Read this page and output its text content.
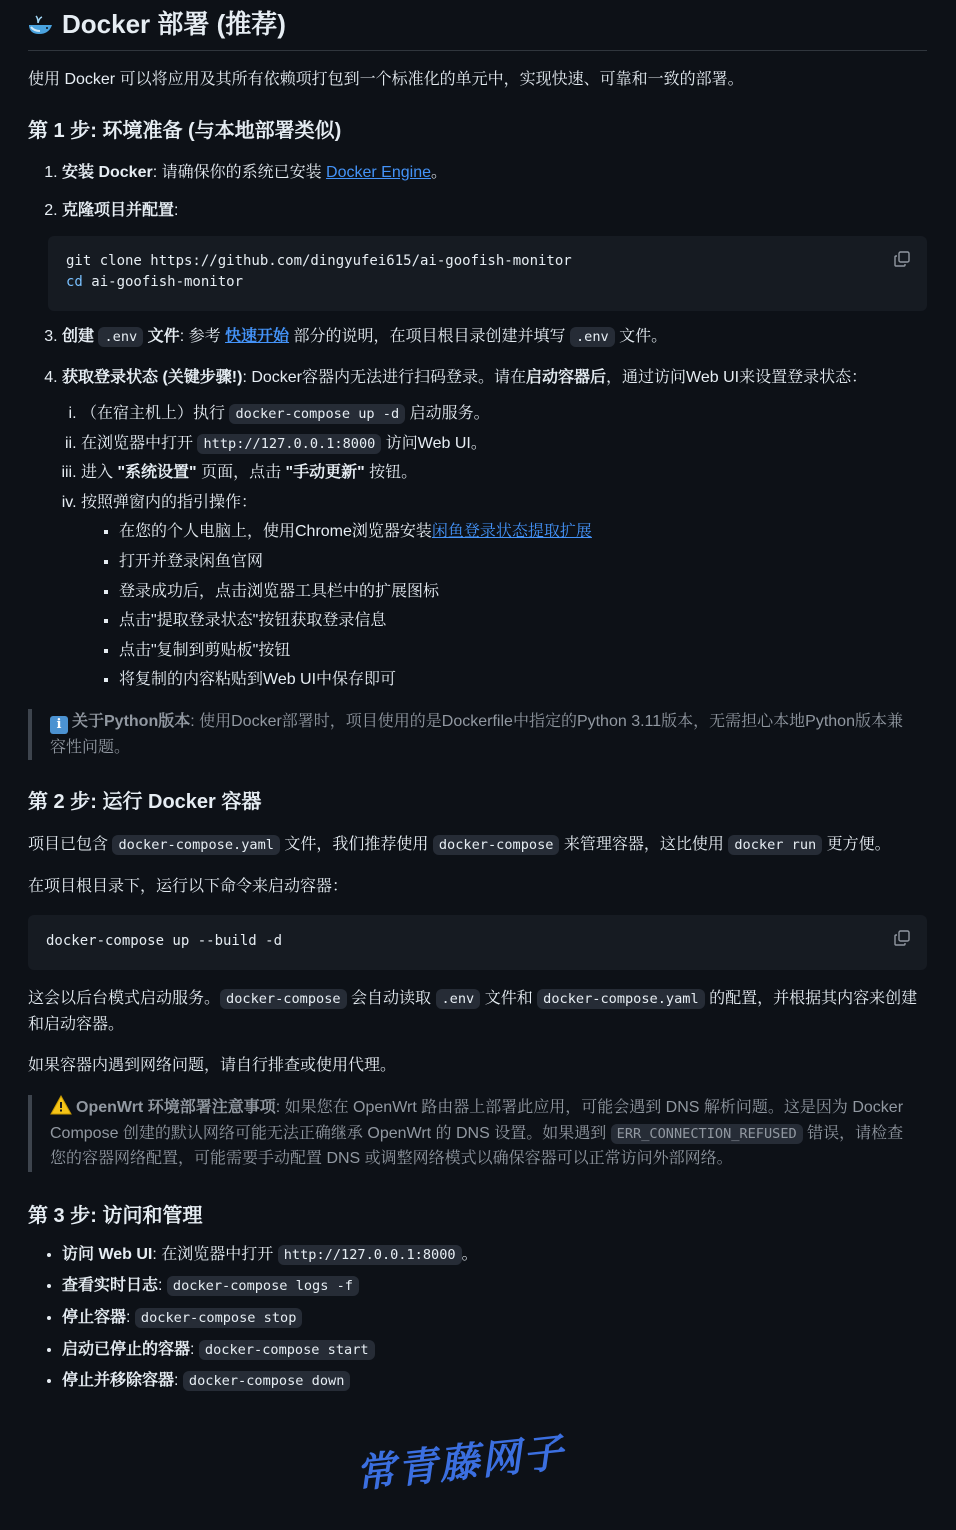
Docker 部署 (推荐)

使用 Docker 可以将应用及其所有依赖项打包到一个标准化的单元中，实现快速、可靠和一致的部署。

第 1 步: 环境准备 (与本地部署类似)
1. 安装 Docker: 请确保你的系统已安装 Docker Engine。
2. 克隆项目并配置:
git clone https://github.com/dingyufei615/ai-goofish-monitor
cd ai-goofish-monitor
3. 创建 .env 文件: 参考 快速开始 部分的说明，在项目根目录创建并填写 .env 文件。
4. 获取登录状态 (关键步骤!): Docker容器内无法进行扫码登录。请在启动容器后，通过访问Web UI来设置登录状态：
i. （在宿主机上）执行 docker-compose up -d 启动服务。
ii. 在浏览器中打开 http://127.0.0.1:8000 访问Web UI。
iii. 进入 "系统设置" 页面，点击 "手动更新" 按钮。
iv. 按照弹窗内的指引操作：
▪ 在您的个人电脑上，使用Chrome浏览器安装闲鱼登录状态提取扩展
▪ 打开并登录闲鱼官网
▪ 登录成功后，点击浏览器工具栏中的扩展图标
▪ 点击"提取登录状态"按钮获取登录信息
▪ 点击"复制到剪贴板"按钮
▪ 将复制的内容粘贴到Web UI中保存即可
i 关于Python版本: 使用Docker部署时，项目使用的是Dockerfile中指定的Python 3.11版本，无需担心本地Python版本兼容性问题。
第 2 步: 运行 Docker 容器

项目已包含 docker-compose.yaml 文件，我们推荐使用 docker-compose 来管理容器，这比使用 docker run 更方便。

在项目根目录下，运行以下命令来启动容器：

docker-compose up --build -d

这会以后台模式启动服务。 docker-compose 会自动读取 .env 文件和 docker-compose.yaml 的配置，并根据其内容来创建和启动容器。

如果容器内遇到网络问题，请自行排查或使用代理。

OpenWrt 环境部署注意事项: 如果您在 OpenWrt 路由器上部署此应用，可能会遇到 DNS 解析问题。这是因为 Docker Compose 创建的默认网络可能无法正确继承 OpenWrt 的 DNS 设置。如果遇到 ERR_CONNECTION_REFUSED 错误，请检查您的容器网络配置，可能需要手动配置 DNS 或调整网络模式以确保容器可以正常访问外部网络。
第 3 步: 访问和管理
• 访问 Web UI: 在浏览器中打开 http://127.0.0.1:8000 。
• 查看实时日志: docker-compose logs -f
• 停止容器: docker-compose stop
• 启动已停止的容器: docker-compose start
• 停止并移除容器: docker-compose down
常青藤网子
